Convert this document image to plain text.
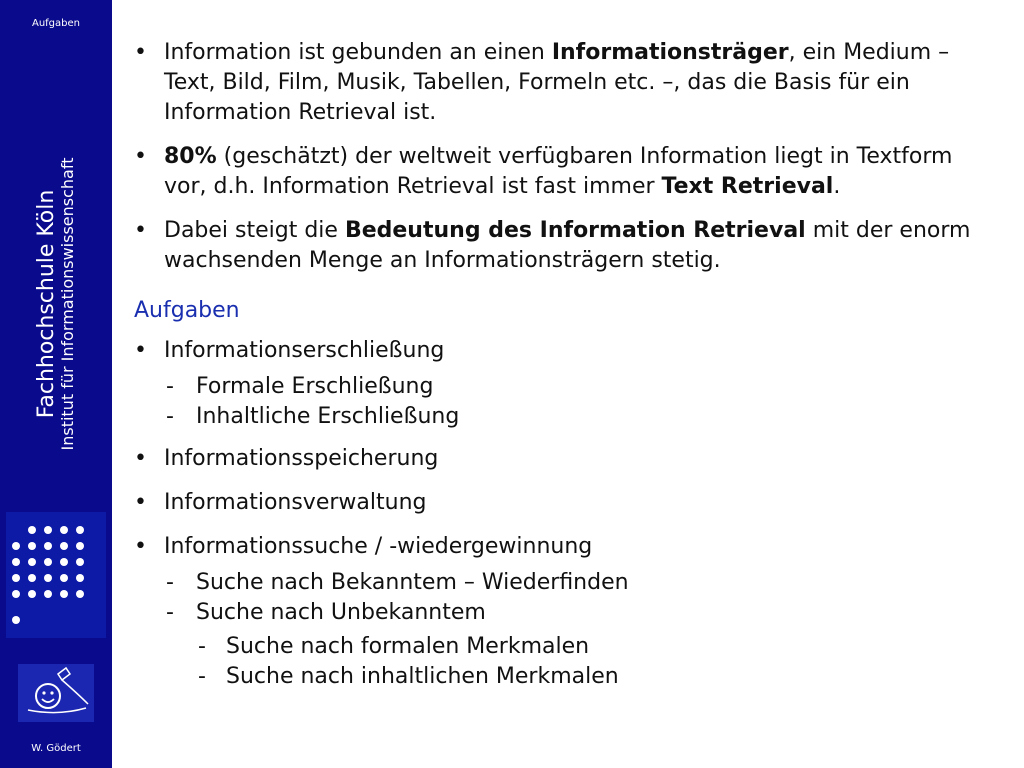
Aufgaben
Fachhochschule Köln Institut für Informationswissenschaft
W. Gödert
• Information ist gebunden an einen Informationsträger, ein Medium – Text, Bild, Film, Musik, Tabellen, Formeln etc. –, das die Basis für ein Information Retrieval ist.
• 80% (geschätzt) der weltweit verfügbaren Information liegt in Textform vor, d.h. Information Retrieval ist fast immer Text Retrieval.
• Dabei steigt die Bedeutung des Information Retrieval mit der enorm wachsenden Menge an Informationsträgern stetig.
Aufgaben
• Informationserschließung
- Formale Erschließung
- Inhaltliche Erschließung
• Informationsspeicherung
• Informationsverwaltung
• Informationssuche / -wiedergewinnung
- Suche nach Bekanntem – Wiederfinden
- Suche nach Unbekanntem
- Suche nach formalen Merkmalen
- Suche nach inhaltlichen Merkmalen
